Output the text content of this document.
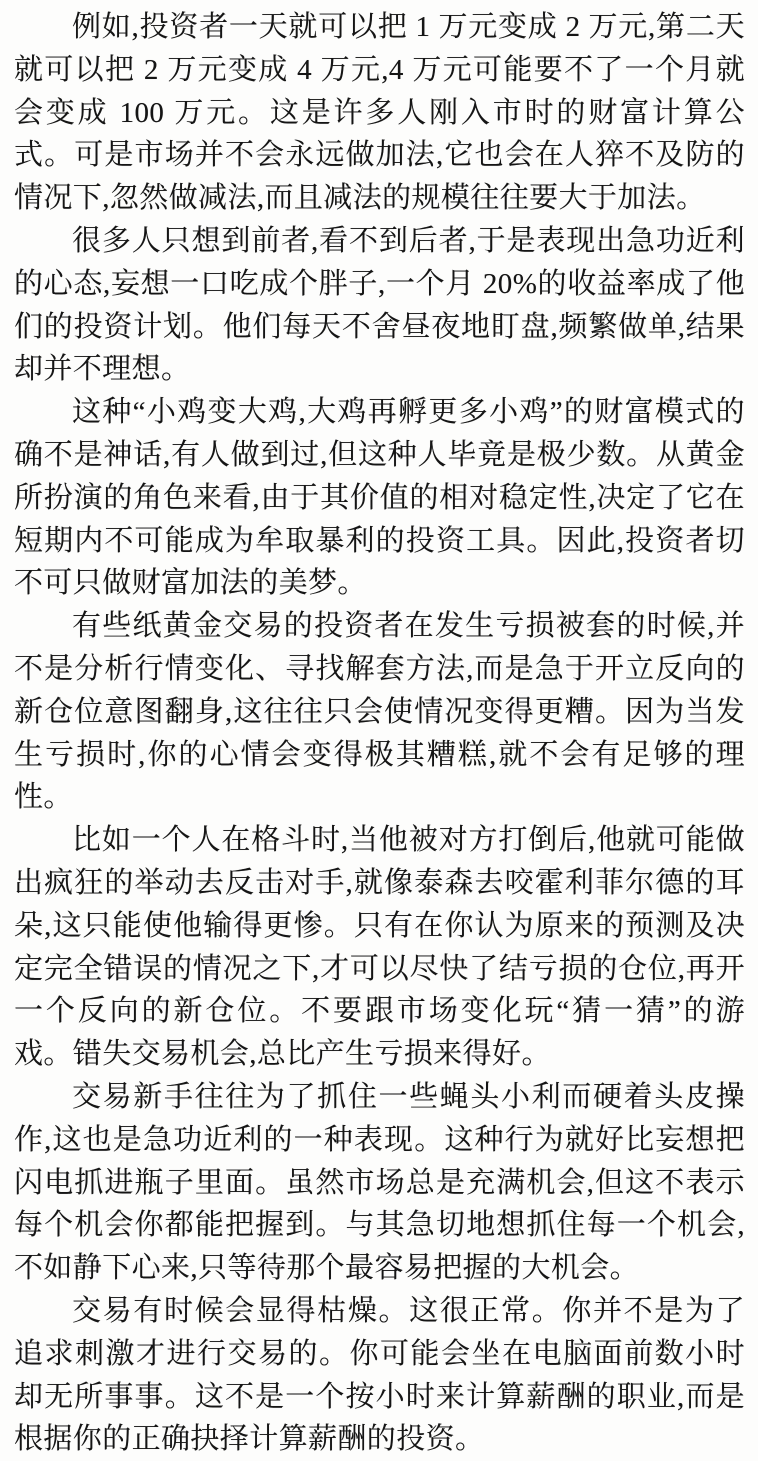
例如,投资者一天就可以把 1 万元变成 2 万元,第二天就可以把 2 万元变成 4 万元,4 万元可能要不了一个月就会变成 100 万元。这是许多人刚入市时的财富计算公式。可是市场并不会永远做加法,它也会在人猝不及防的情况下,忽然做减法,而且减法的规模往往要大于加法。

很多人只想到前者,看不到后者,于是表现出急功近利的心态,妄想一口吃成个胖子,一个月 20%的收益率成了他们的投资计划。他们每天不舍昼夜地盯盘,频繁做单,结果却并不理想。

这种“小鸡变大鸡,大鸡再孵更多小鸡”的财富模式的确不是神话,有人做到过,但这种人毕竟是极少数。从黄金所扮演的角色来看,由于其价值的相对稳定性,决定了它在短期内不可能成为牟取暴利的投资工具。因此,投资者切不可只做财富加法的美梦。

有些纸黄金交易的投资者在发生亏损被套的时候,并不是分析行情变化、寻找解套方法,而是急于开立反向的新仓位意图翻身,这往往只会使情况变得更糟。因为当发生亏损时,你的心情会变得极其糟糕,就不会有足够的理性。

比如一个人在格斗时,当他被对方打倒后,他就可能做出疯狂的举动去反击对手,就像泰森去咬霍利菲尔德的耳朵,这只能使他输得更惨。只有在你认为原来的预测及决定完全错误的情况之下,才可以尽快了结亏损的仓位,再开一个反向的新仓位。不要跟市场变化玩“猜一猜”的游戏。错失交易机会,总比产生亏损来得好。

交易新手往往为了抓住一些蝇头小利而硬着头皮操作,这也是急功近利的一种表现。这种行为就好比妄想把闪电抓进瓶子里面。虽然市场总是充满机会,但这不表示每个机会你都能把握到。与其急切地想抓住每一个机会,不如静下心来,只等待那个最容易把握的大机会。

交易有时候会显得枯燥。这很正常。你并不是为了追求刺激才进行交易的。你可能会坐在电脑面前数小时却无所事事。这不是一个按小时来计算薪酬的职业,而是根据你的正确抉择计算薪酬的投资。
